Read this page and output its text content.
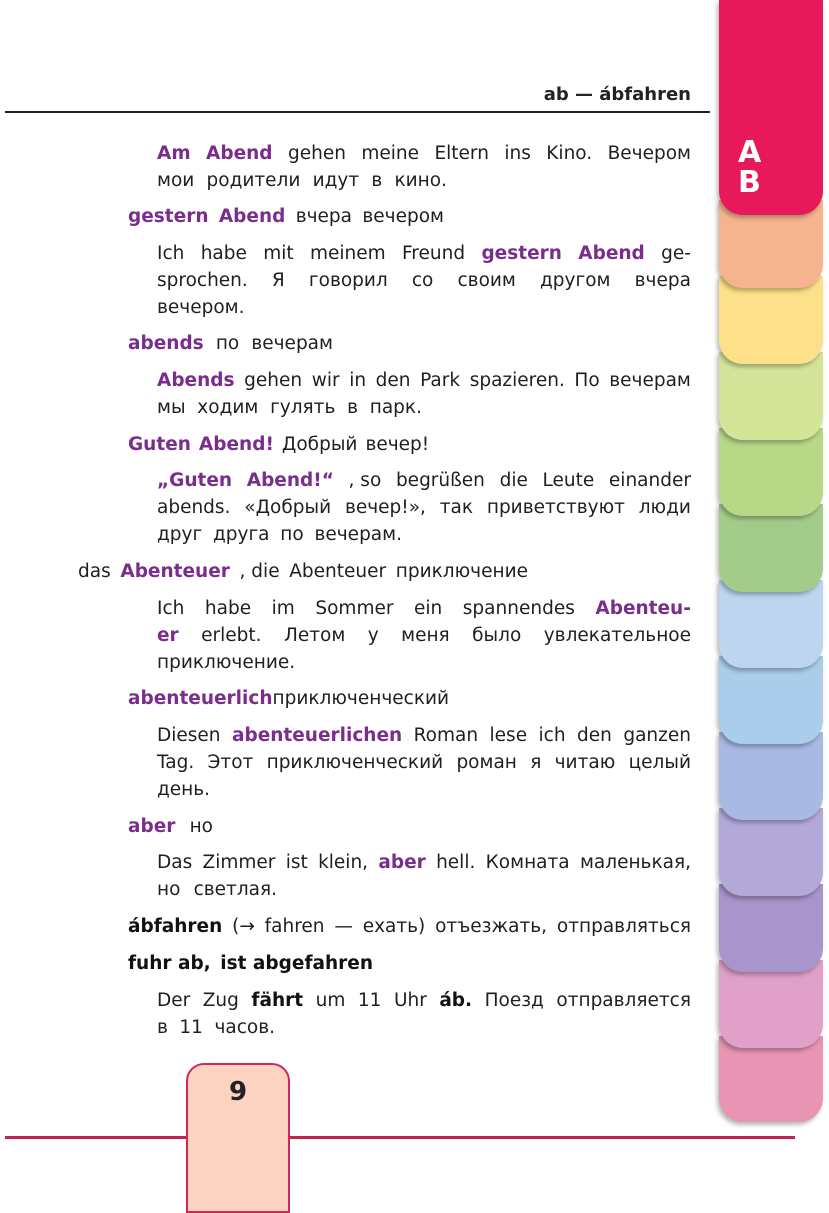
ab — ábfahren
A
B
Am Abend gehen meine Eltern ins Kino. Вечером
мои родители идут в кино.
gestern Abend вчера вечером
Ich habe mit meinem Freund gestern Abend ge-
sprochen. Я говорил со своим другом вчера
вечером.
abends по вечерам
Abends gehen wir in den Park spazieren. По вечерам
мы ходим гулять в парк.
Guten Abend! Добрый вечер!
„Guten Abend!“ , so begrüßen die Leute einander
abends. «Добрый вечер!», так приветствуют люди
друг друга по вечерам.
das Abenteuer , die Abenteuer приключение
Ich habe im Sommer ein spannendes Abenteu-
er erlebt. Летом у меня было увлекательное
приключение.
abenteuerlich приключенческий
Diesen abenteuerlichen Roman lese ich den ganzen
Tag. Этот приключенческий роман я читаю целый
день.
aber но
Das Zimmer ist klein, aber hell. Комната маленькая,
но светлая.
ábfahren (→ fahren — ехать) отъезжать, отправляться
fuhr ab, ist abgefahren
Der Zug fährt um 11 Uhr áb. Поезд отправляется
в 11 часов.
9
